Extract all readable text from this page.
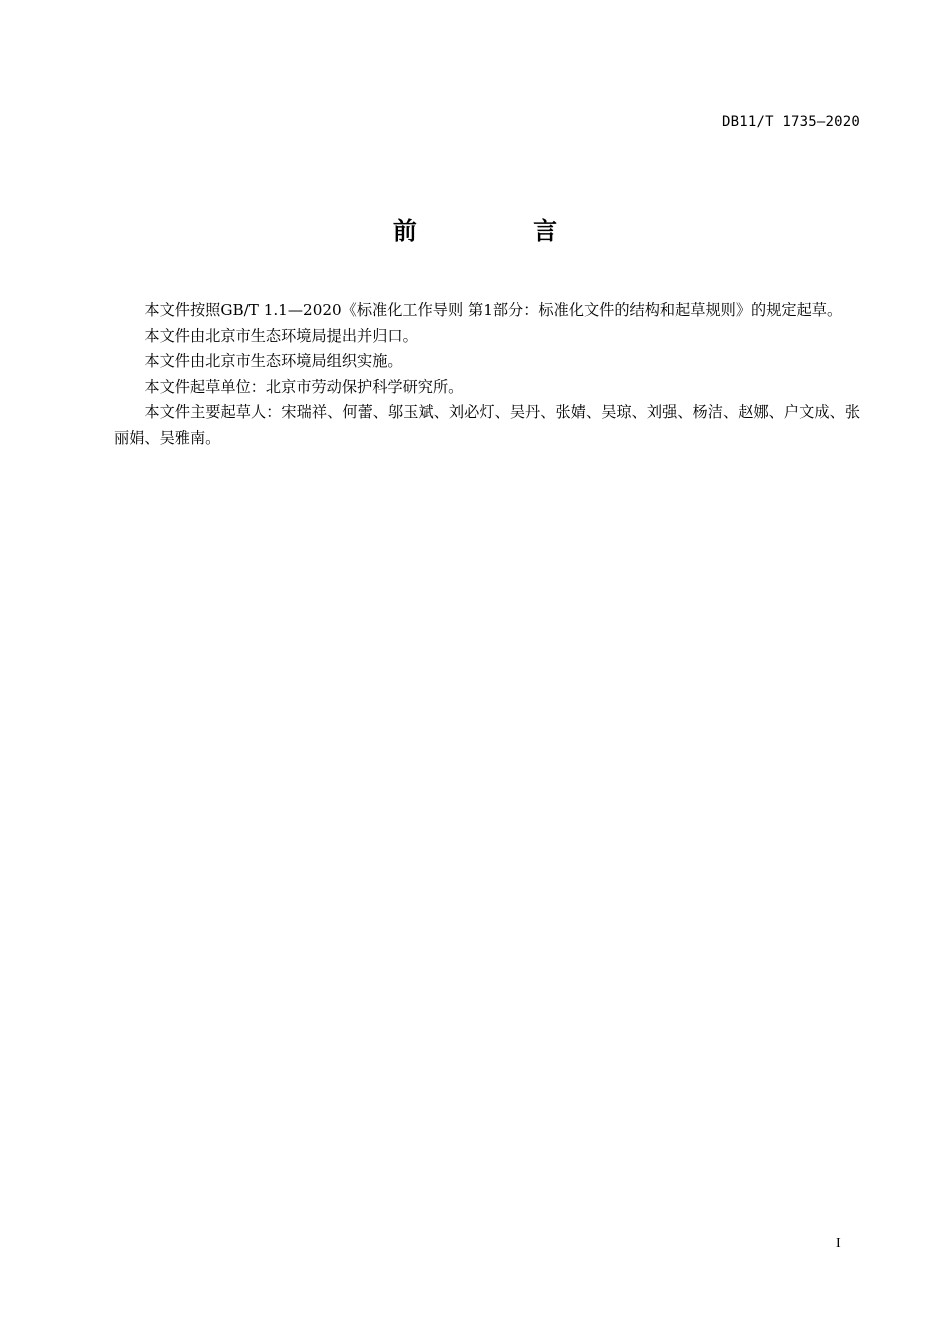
DB11/T 1735—2020
前 言

本文件按照GB/T 1.1—2020《标准化工作导则 第1部分：标准化文件的结构和起草规则》的规定起草。

本文件由北京市生态环境局提出并归口。

本文件由北京市生态环境局组织实施。

本文件起草单位：北京市劳动保护科学研究所。

本文件主要起草人：宋瑞祥、何蕾、邬玉斌、刘必灯、吴丹、张婧、吴琼、刘强、杨洁、赵娜、户文成、张丽娟、吴雅南。

I
